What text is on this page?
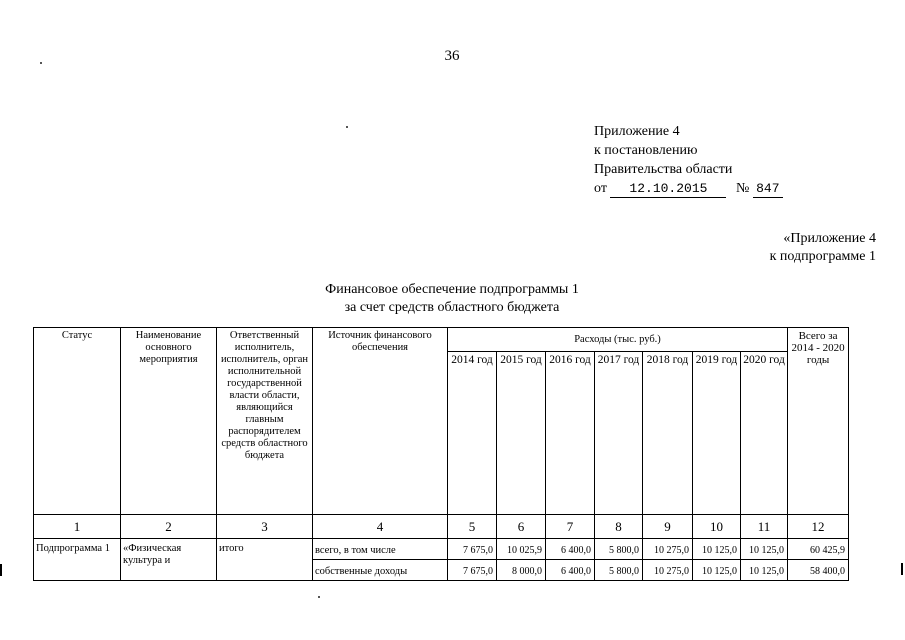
36
Приложение 4
к постановлению
Правительства области
от 12.10.2015 № 847
«Приложение 4
к подпрограмме 1
Финансовое обеспечение подпрограммы 1
за счет средств областного бюджета
Статус	Наименование основного мероприятия	Ответственный исполнитель, исполнитель, орган исполнительной государственной власти области, являющийся главным распорядителем средств областного бюджета	Источник финансового обеспечения	Расходы (тыс. руб.)							Всего за 2014 - 2020 годы
				2014 год	2015 год	2016 год	2017 год	2018 год	2019 год	2020 год	
1	2	3	4	5	6	7	8	9	10	11	12
Подпрограмма 1	«Физическая культура и	итого	всего, в том числе	7 675,0	10 025,9	6 400,0	5 800,0	10 275,0	10 125,0	10 125,0	60 425,9
			собственные доходы	7 675,0	8 000,0	6 400,0	5 800,0	10 275,0	10 125,0	10 125,0	58 400,0
